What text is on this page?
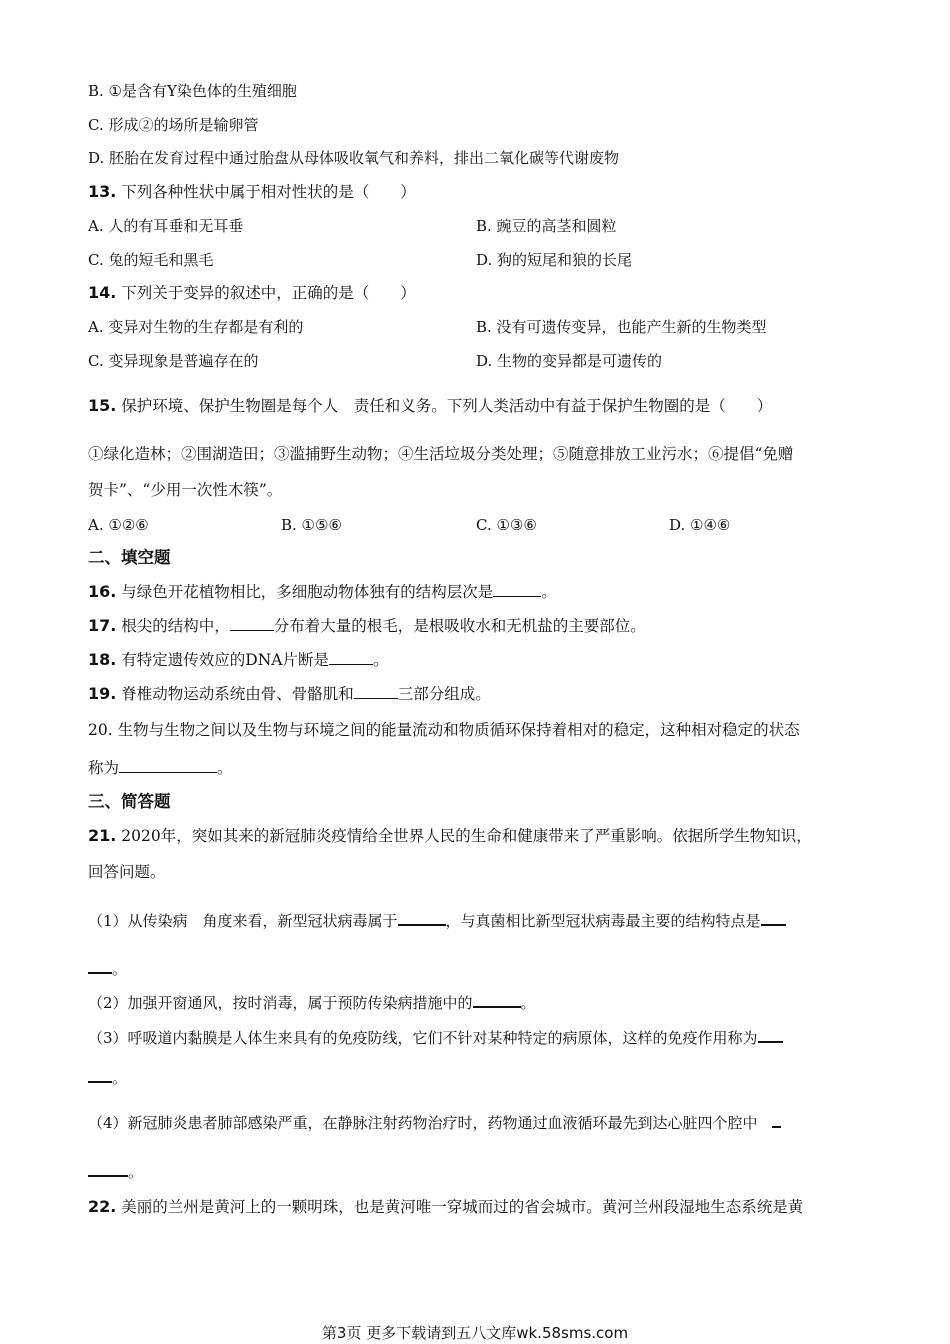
B. ①是含有Y染色体的生殖细胞
C. 形成②的场所是输卵管
D. 胚胎在发育过程中通过胎盘从母体吸收氧气和养料，排出二氧化碳等代谢废物
13. 下列各种性状中属于相对性状的是（　　）
A. 人的有耳垂和无耳垂	B. 豌豆的高茎和圆粒
C. 兔的短毛和黑毛	D. 狗的短尾和狼的长尾
14. 下列关于变异的叙述中，正确的是（　　）
A. 变异对生物的生存都是有利的	B. 没有可遗传变异，也能产生新的生物类型
C. 变异现象是普遍存在的	D. 生物的变异都是可遗传的
15. 保护环境、保护生物圈是每个人　责任和义务。下列人类活动中有益于保护生物圈的是（　　）
①绿化造林；②围湖造田；③滥捕野生动物；④生活垃圾分类处理；⑤随意排放工业污水；⑥提倡“免赠
贺卡”、“少用一次性木筷”。
A. ①②⑥	B. ①⑤⑥	C. ①③⑥	D. ①④⑥
二、填空题
16. 与绿色开花植物相比，多细胞动物体独有的结构层次是	。
17. 根尖的结构中，	分布着大量的根毛，是根吸收水和无机盐的主要部位。
18. 有特定遗传效应的DNA片断是	。
19. 脊椎动物运动系统由骨、骨骼肌和	三部分组成。
20. 生物与生物之间以及生物与环境之间的能量流动和物质循环保持着相对的稳定，这种相对稳定的状态
称为	。
三、简答题
21. 2020年，突如其来的新冠肺炎疫情给全世界人民的生命和健康带来了严重影响。依据所学生物知识，
回答问题。
（1）从传染病　角度来看，新型冠状病毒属于	，与真菌相比新型冠状病毒最主要的结构特点是
。
（2）加强开窗通风，按时消毒，属于预防传染病措施中的	。
（3）呼吸道内黏膜是人体生来具有的免疫防线，它们不针对某种特定的病原体，这样的免疫作用称为
。
（4）新冠肺炎患者肺部感染严重，在静脉注射药物治疗时，药物通过血液循环最先到达心脏四个腔中
。
22. 美丽的兰州是黄河上的一颗明珠，也是黄河唯一穿城而过的省会城市。黄河兰州段湿地生态系统是黄
第3页 更多下载请到五八文库wk.58sms.com
